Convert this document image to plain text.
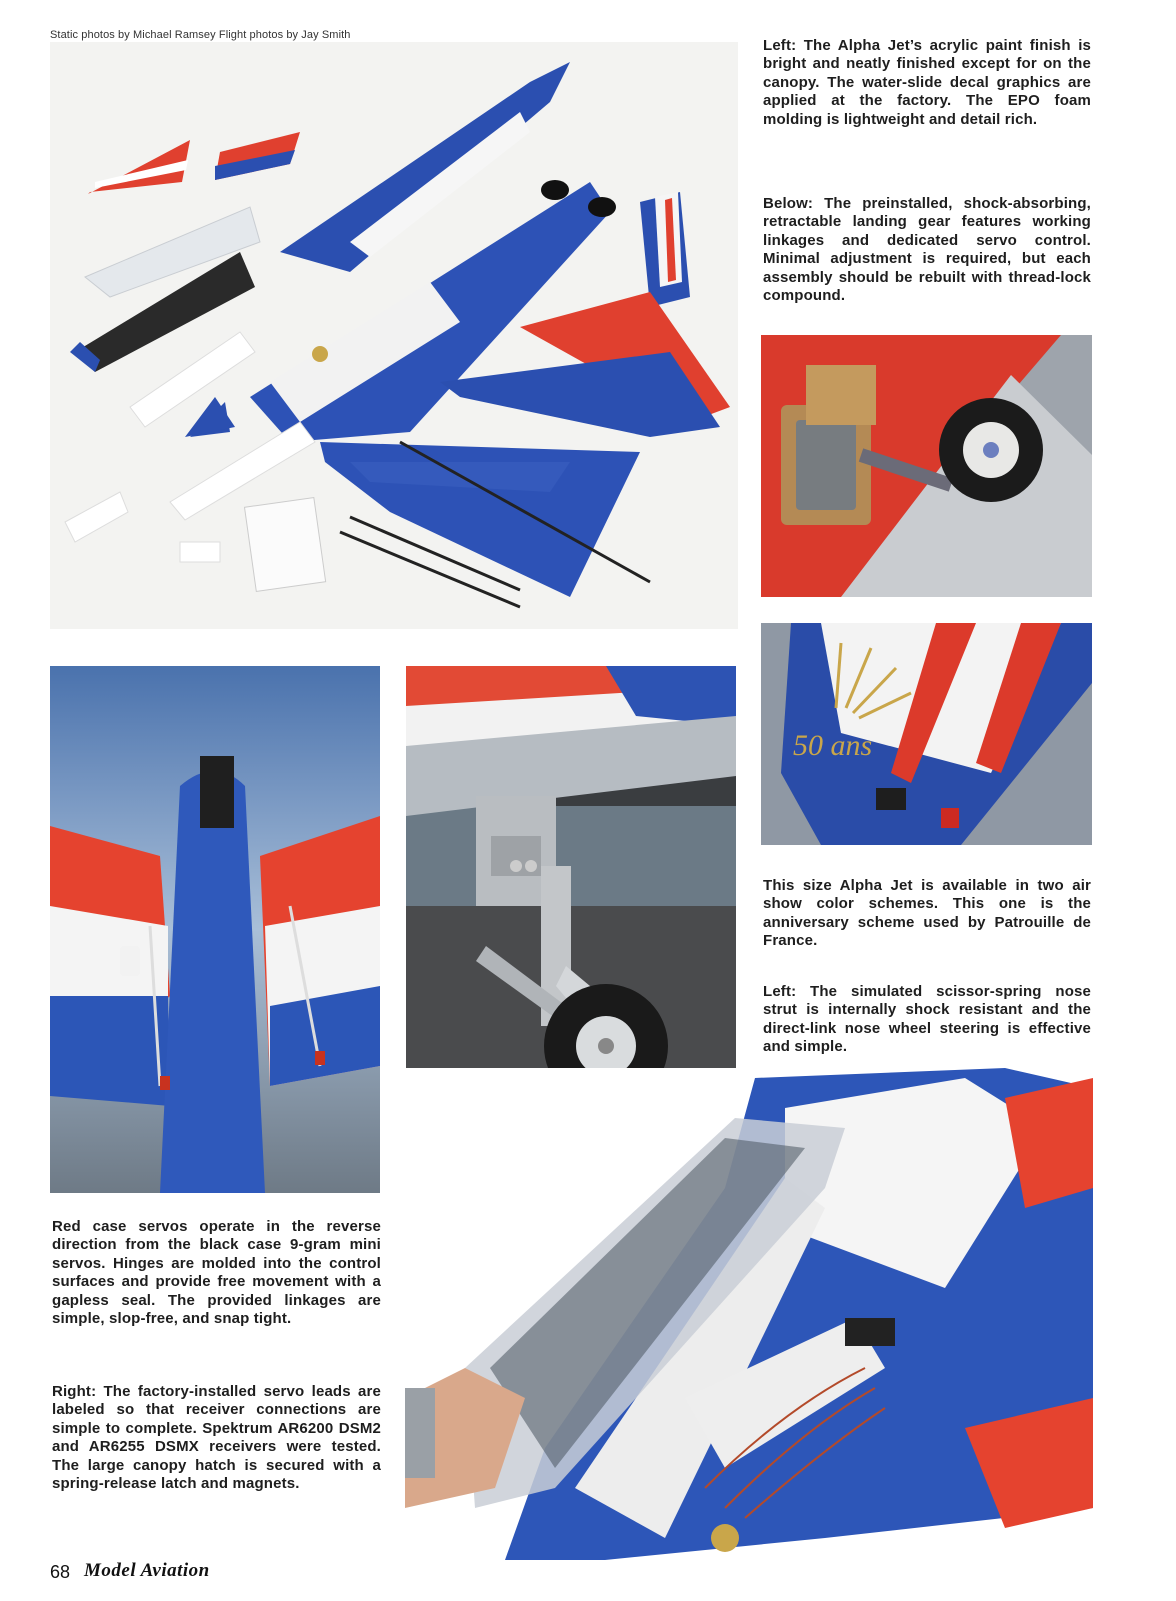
Static photos by Michael Ramsey Flight photos by Jay Smith
Left: The Alpha Jet’s acrylic paint finish is bright and neatly finished except for on the canopy. The water-slide decal graphics are applied at the factory. The EPO foam molding is lightweight and detail rich.
Below: The preinstalled, shock-absorbing, retractable landing gear features working linkages and dedicated servo control. Minimal adjustment is required, but each assembly should be rebuilt with thread-lock compound.
50 ans
This size Alpha Jet is available in two air show color schemes. This one is the anniversary scheme used by Patrouille de France.
Left: The simulated scissor-spring nose strut is internally shock resistant and the direct-link nose wheel steering is effective and simple.
Red case servos operate in the reverse direction from the black case 9-gram mini servos. Hinges are molded into the control surfaces and provide free movement with a gapless seal. The provided linkages are simple, slop-free, and snap tight.
Right: The factory-installed servo leads are labeled so that receiver connections are simple to complete. Spektrum AR6200 DSM2 and AR6255 DSMX receivers were tested. The large canopy hatch is secured with a spring-release latch and magnets.
68 Model Aviation
